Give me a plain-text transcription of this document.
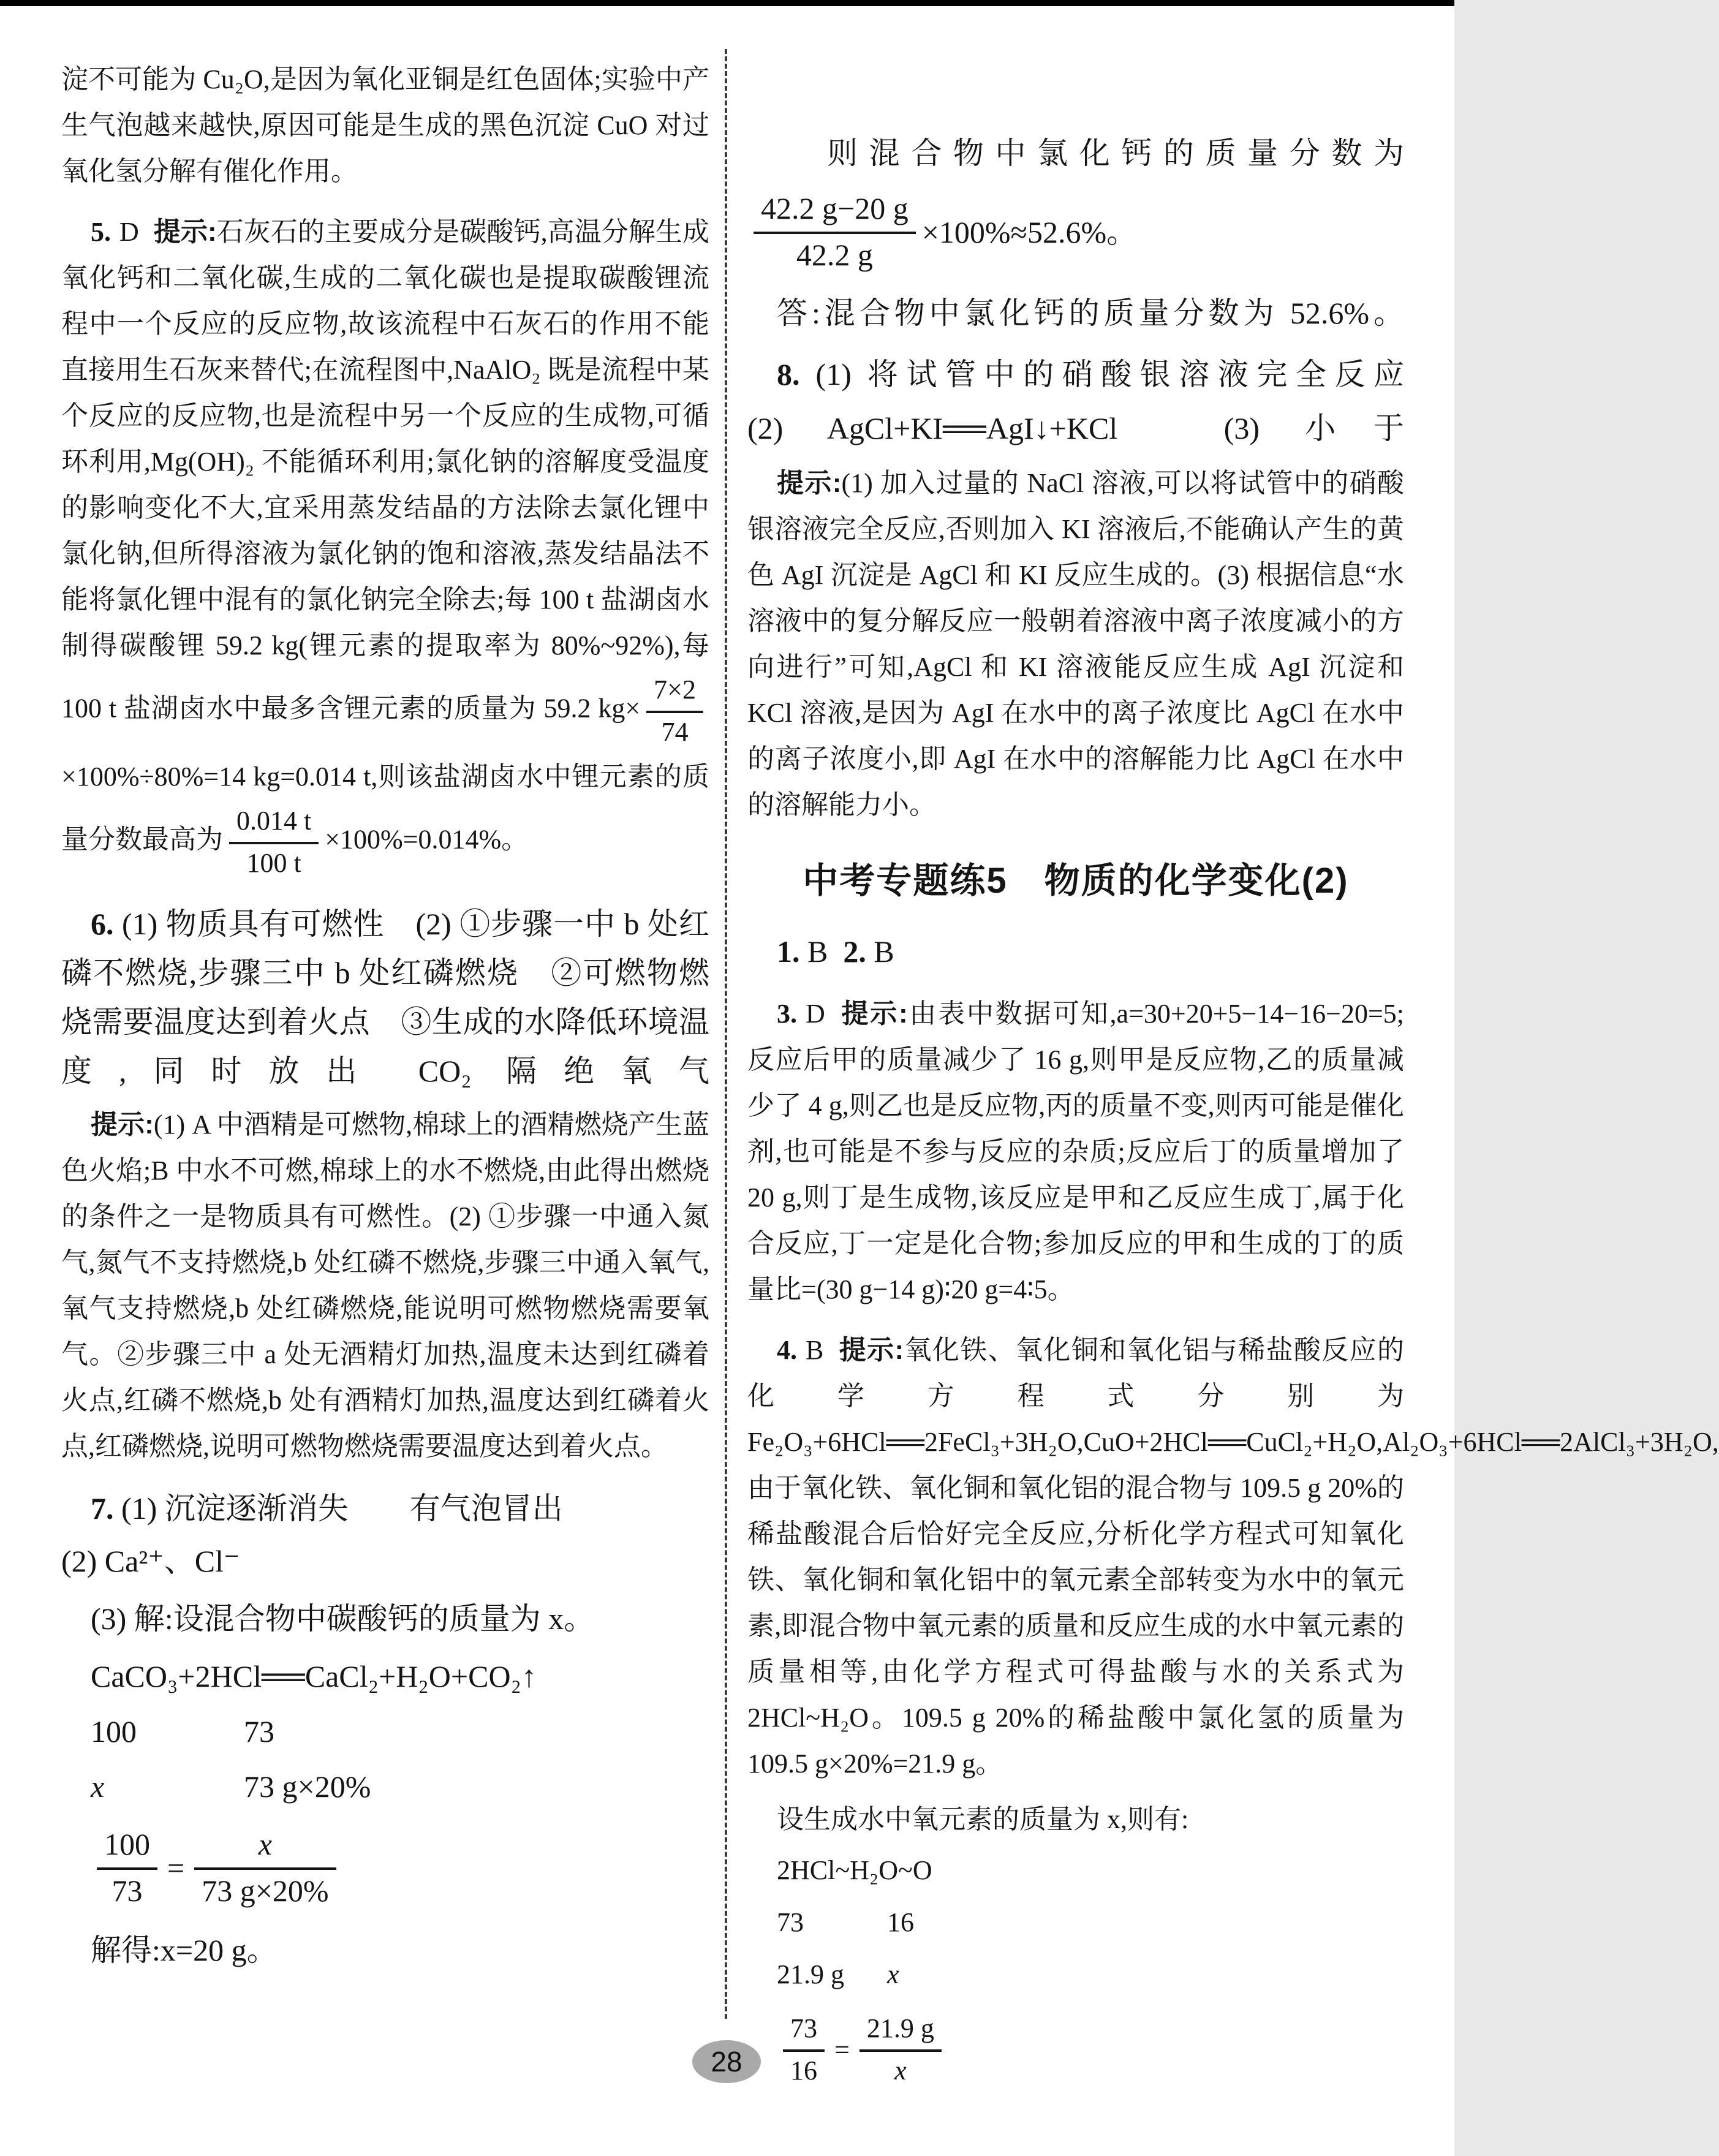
淀不可能为 Cu₂O,是因为氧化亚铜是红色固体;实验中产生气泡越来越快,原因可能是生成的黑色沉淀 CuO 对过氧化氢分解有催化作用。

5. D 提示:石灰石的主要成分是碳酸钙,高温分解生成氧化钙和二氧化碳,生成的二氧化碳也是提取碳酸锂流程中一个反应的反应物,故该流程中石灰石的作用不能直接用生石灰来替代;在流程图中,NaAlO₂ 既是流程中某个反应的反应物,也是流程中另一个反应的生成物,可循环利用,Mg(OH)₂ 不能循环利用;氯化钠的溶解度受温度的影响变化不大,宜采用蒸发结晶的方法除去氯化锂中氯化钠,但所得溶液为氯化钠的饱和溶液,蒸发结晶法不能将氯化锂中混有的氯化钠完全除去;每 100 t 盐湖卤水制得碳酸锂 59.2 kg(锂元素的提取率为 80%~92%),每 100 t 盐湖卤水中最多含锂元素的质量为 59.2 $kg\times \frac{7\times 2}{74}$
×100%÷80%=14 kg=0.014 t,则该盐湖卤水中锂元素的质量分数最高为 $\frac{0.014 t}{100 t} \times 100\%=0.014\%$。

6. (1) 物质具有可燃性　(2) ①步骤一中 b 处红磷不燃烧,步骤三中 b 处红磷燃烧　②可燃物燃烧需要温度达到着火点　③生成的水降低环境温度,同时放出 CO₂ 隔绝氧气

提示:(1) A 中酒精是可燃物,棉球上的酒精燃烧产生蓝色火焰;B 中水不可燃,棉球上的水不燃烧,由此得出燃烧的条件之一是物质具有可燃性。(2) ①步骤一中通入氮气,氮气不支持燃烧,b 处红磷不燃烧,步骤三中通入氧气,氧气支持燃烧,b 处红磷燃烧,能说明可燃物燃烧需要氧气。②步骤三中 a 处无酒精灯加热,温度未达到红磷着火点,红磷不燃烧,b 处有酒精灯加热,温度达到红磷着火点,红磷燃烧,说明可燃物燃烧需要温度达到着火点。

7. (1) 沉淀逐渐消失　　有气泡冒出

(2) Ca²⁺、Cl⁻

(3) 解:设混合物中碳酸钙的质量为 x。

CaCO₃+2HCl══CaCl₂+H₂O+CO₂↑

100	73
x	73 g×20%
$\frac{100}{73} = \frac{x}{73 g\times 20\%}$

解得:x=20 g。

则混合物中氯化钙的质量分数为

$\frac{42.2 g-20 g}{42.2 g} \times 100\%\approx 52.6\%$。

答:混合物中氯化钙的质量分数为 52.6%。

8. (1) 将试管中的硝酸银溶液完全反应

(2) AgCl+KI══AgI↓+KCl　(3) 小于

提示:(1) 加入过量的 NaCl 溶液,可以将试管中的硝酸银溶液完全反应,否则加入 KI 溶液后,不能确认产生的黄色 AgI 沉淀是 AgCl 和 KI 反应生成的。(3) 根据信息“水溶液中的复分解反应一般朝着溶液中离子浓度减小的方向进行”可知,AgCl 和 KI 溶液能反应生成 AgI 沉淀和 KCl 溶液,是因为 AgI 在水中的离子浓度比 AgCl 在水中的离子浓度小,即 AgI 在水中的溶解能力比 AgCl 在水中的溶解能力小。

中考专题练5　物质的化学变化(2)

1. B 2. B

3. D 提示:由表中数据可知,a=30+20+5−14−16−20=5;反应后甲的质量减少了 16 g,则甲是反应物,乙的质量减少了 4 g,则乙也是反应物,丙的质量不变,则丙可能是催化剂,也可能是不参与反应的杂质;反应后丁的质量增加了 20 g,则丁是生成物,该反应是甲和乙反应生成丁,属于化合反应,丁一定是化合物;参加反应的甲和生成的丁的质量比=(30 g−14 g)∶20 g=4∶5。

4. B 提示:氧化铁、氧化铜和氧化铝与稀盐酸反应的化学方程式分别为 Fe₂O₃+6HCl══2FeCl₃+3H₂O,CuO+2HCl══CuCl₂+H₂O,Al₂O₃+6HCl══2AlCl₃+3H₂O,由于氧化铁、氧化铜和氧化铝的混合物与 109.5 g 20%的稀盐酸混合后恰好完全反应,分析化学方程式可知氧化铁、氧化铜和氧化铝中的氧元素全部转变为水中的氧元素,即混合物中氧元素的质量和反应生成的水中氧元素的质量相等,由化学方程式可得盐酸与水的关系式为 2HCl~H₂O。109.5 g 20%的稀盐酸中氯化氢的质量为 109.5 g×20%=21.9 g。

设生成水中氧元素的质量为 x,则有:

2HCl~H₂O~O

73	16
21.9 g x
$\frac{73}{16} = \frac{21.9 g}{x}$
28
